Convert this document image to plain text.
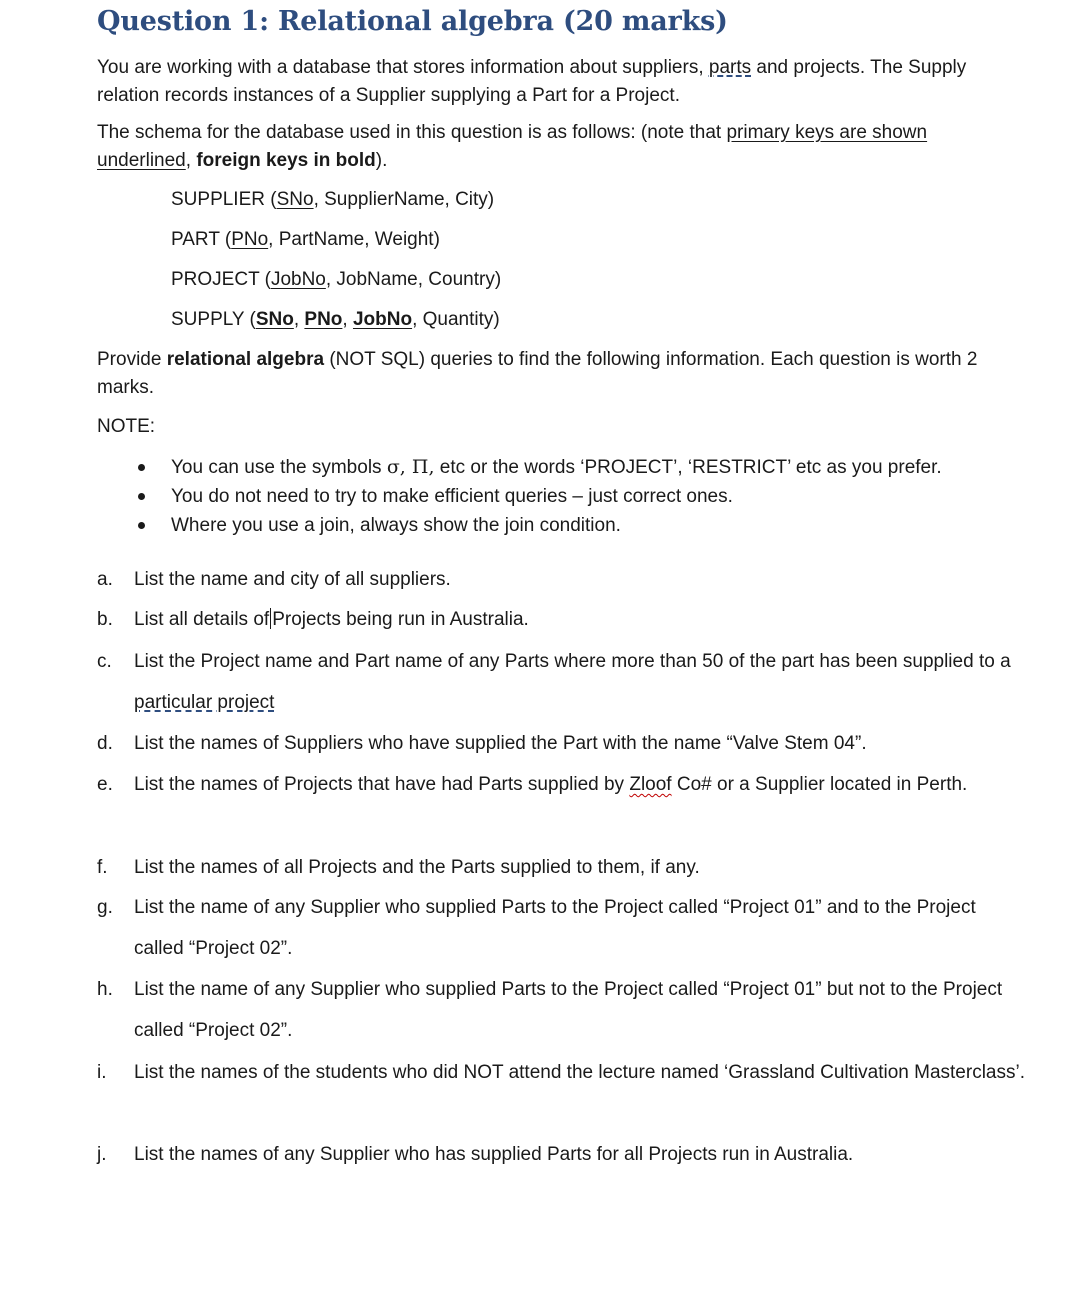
Question 1: Relational algebra (20 marks)

You are working with a database that stores information about suppliers, parts and projects. The Supply relation records instances of a Supplier supplying a Part for a Project.

The schema for the database used in this question is as follows: (note that primary keys are shown underlined, foreign keys in bold).

SUPPLIER (SNo, SupplierName, City)

PART (PNo, PartName, Weight)

PROJECT (JobNo, JobName, Country)

SUPPLY (SNo, PNo, JobNo, Quantity)

Provide relational algebra (NOT SQL) queries to find the following information. Each question is worth 2 marks.

NOTE:

You can use the symbols σ, Π, etc or the words ‘PROJECT’, ‘RESTRICT’ etc as you prefer.
You do not need to try to make efficient queries – just correct ones.
Where you use a join, always show the join condition.
a. List the name and city of all suppliers.
b. List all details of Projects being run in Australia.
c. List the Project name and Part name of any Parts where more than 50 of the part has been supplied to a particular project
d. List the names of Suppliers who have supplied the Part with the name “Valve Stem 04”.
e. List the names of Projects that have had Parts supplied by Zloof Co# or a Supplier located in Perth.
f. List the names of all Projects and the Parts supplied to them, if any.
g. List the name of any Supplier who supplied Parts to the Project called “Project 01” and to the Project called “Project 02”.
h. List the name of any Supplier who supplied Parts to the Project called “Project 01” but not to the Project called “Project 02”.
i. List the names of the students who did NOT attend the lecture named ‘Grassland Cultivation Masterclass’.
j. List the names of any Supplier who has supplied Parts for all Projects run in Australia.
